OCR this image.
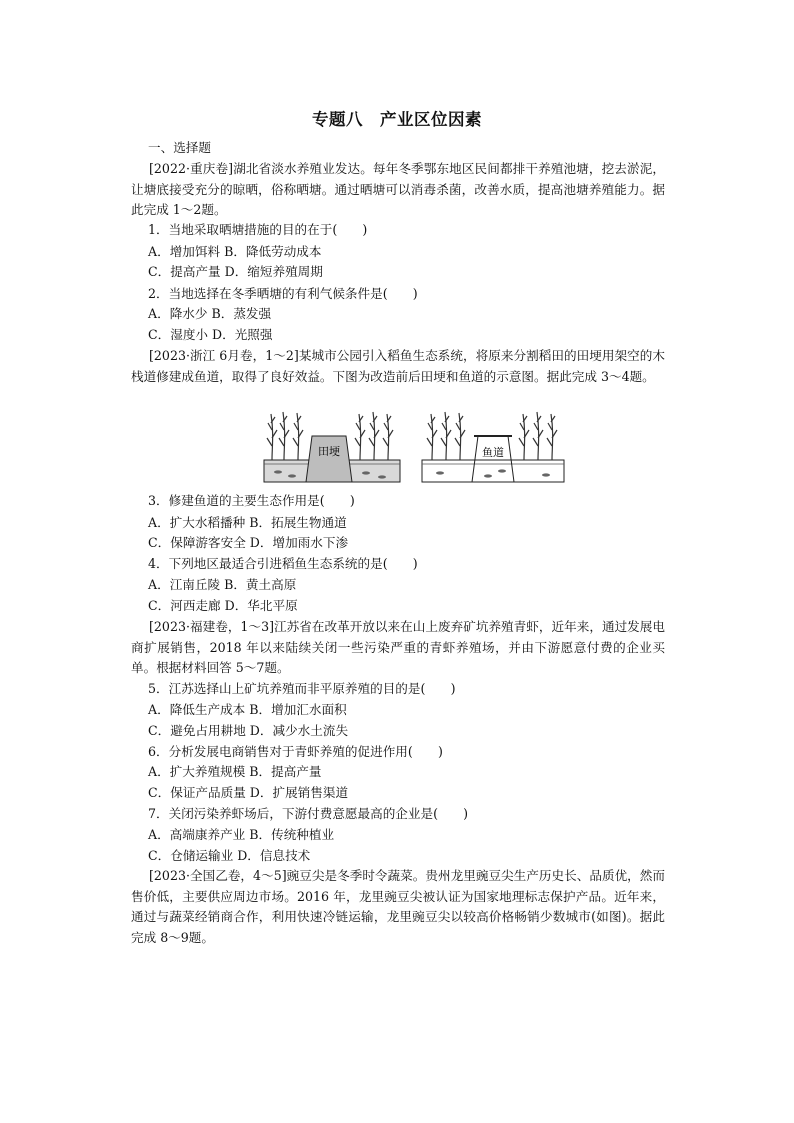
专题八　产业区位因素
一、选择题
[2022·重庆卷]湖北省淡水养殖业发达。每年冬季鄂东地区民间都排干养殖池塘，挖去淤泥，让塘底接受充分的晾晒，俗称晒塘。通过晒塘可以消毒杀菌，改善水质，提高池塘养殖能力。据此完成 1～2题。
1．当地采取晒塘措施的目的在于(　　)
A．增加饵料 B．降低劳动成本
C．提高产量 D．缩短养殖周期
2．当地选择在冬季晒塘的有利气候条件是(　　)
A．降水少 B．蒸发强
C．湿度小 D．光照强
[2023·浙江 6月卷，1～2]某城市公园引入稻鱼生态系统，将原来分割稻田的田埂用架空的木栈道修建成鱼道，取得了良好效益。下图为改造前后田埂和鱼道的示意图。据此完成 3～4题。
田埂	鱼道
3．修建鱼道的主要生态作用是(　　)
A．扩大水稻播种 B．拓展生物通道
C．保障游客安全 D．增加雨水下渗
4．下列地区最适合引进稻鱼生态系统的是(　　)
A．江南丘陵 B．黄土高原
C．河西走廊 D．华北平原
[2023·福建卷，1～3]江苏省在改革开放以来在山上废弃矿坑养殖青虾，近年来，通过发展电商扩展销售，2018 年以来陆续关闭一些污染严重的青虾养殖场，并由下游愿意付费的企业买单。根据材料回答 5～7题。
5．江苏选择山上矿坑养殖而非平原养殖的目的是(　　)
A．降低生产成本 B．增加汇水面积
C．避免占用耕地 D．减少水土流失
6．分析发展电商销售对于青虾养殖的促进作用(　　)
A．扩大养殖规模 B．提高产量
C．保证产品质量 D．扩展销售渠道
7．关闭污染养虾场后，下游付费意愿最高的企业是(　　)
A．高端康养产业 B．传统种植业
C．仓储运输业 D．信息技术
[2023·全国乙卷，4～5]豌豆尖是冬季时令蔬菜。贵州龙里豌豆尖生产历史长、品质优，然而售价低，主要供应周边市场。2016 年，龙里豌豆尖被认证为国家地理标志保护产品。近年来，通过与蔬菜经销商合作，利用快速冷链运输，龙里豌豆尖以较高价格畅销少数城市(如图)。据此完成 8～9题。
